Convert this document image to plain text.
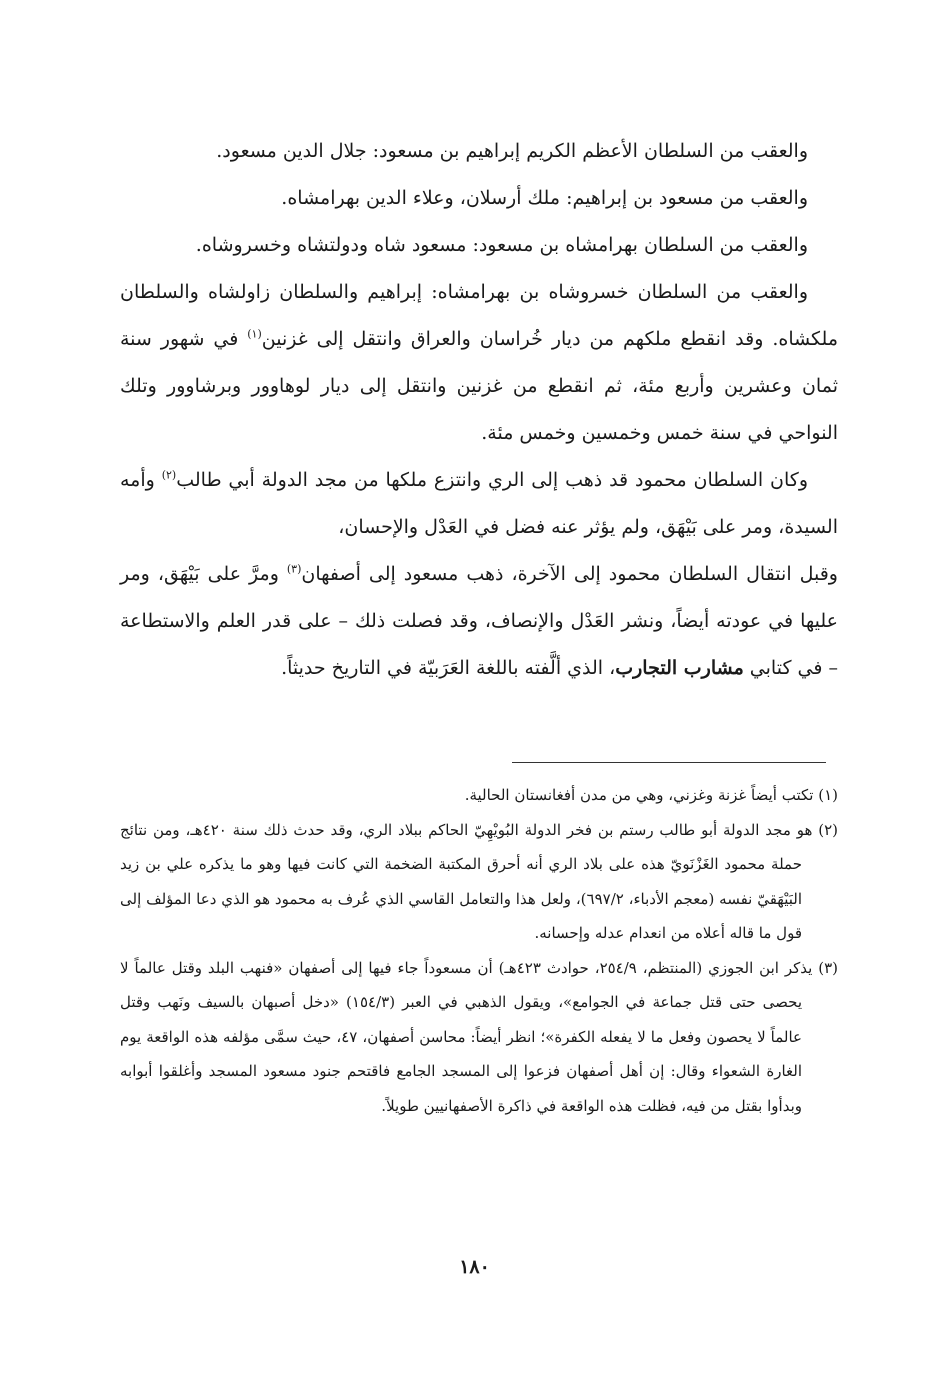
والعقب من السلطان الأعظم الكريم إبراهيم بن مسعود: جلال الدين مسعود.

والعقب من مسعود بن إبراهيم: ملك أرسلان، وعلاء الدين بهرامشاه.

والعقب من السلطان بهرامشاه بن مسعود: مسعود شاه ودولتشاه وخسروشاه.

والعقب من السلطان خسروشاه بن بهرامشاه: إبراهيم والسلطان زاولشاه والسلطان ملكشاه. وقد انقطع ملكهم من ديار خُراسان والعراق وانتقل إلى غزنين$^{(١)}$ في شهور سنة ثمان وعشرين وأربع مئة، ثم انقطع من غزنين وانتقل إلى ديار لوهاوور وبرشاوور وتلك النواحي في سنة خمس وخمسين وخمس مئة.

وكان السلطان محمود قد ذهب إلى الري وانتزع ملكها من مجد الدولة أبي طالب$^{(٢)}$ وأمه السيدة، ومر على بَيْهَق، ولم يؤثر عنه فضل في العَدْل والإحسان،

وقبل انتقال السلطان محمود إلى الآخرة، ذهب مسعود إلى أصفهان$^{(٣)}$ ومرَّ على بَيْهَق، ومر عليها في عودته أيضاً، ونشر العَدْل والإنصاف، وقد فصلت ذلك – على قدر العلم والاستطاعة – في كتابي مشارب التجارب، الذي ألَّفته باللغة العَرَبيّة في التاريخ حديثاً.

(١) تكتب أيضاً غزنة وغزني، وهي من مدن أفغانستان الحالية.

(٢) هو مجد الدولة أبو طالب رستم بن فخر الدولة البُويْهِيّ الحاكم ببلاد الري، وقد حدث ذلك سنة ٤٢٠هـ، ومن نتائج حملة محمود الغَزْنَويّ هذه على بلاد الري أنه أحرق المكتبة الضخمة التي كانت فيها وهو ما يذكره علي بن زيد البَيْهَقيّ نفسه (معجم الأدباء، ٦٩٧/٢)، ولعل هذا والتعامل القاسي الذي عُرف به محمود هو الذي دعا المؤلف إلى قول ما قاله أعلاه من انعدام عدله وإحسانه.

(٣) يذكر ابن الجوزي (المنتظم، ٢٥٤/٩، حوادث ٤٢٣هـ) أن مسعوداً جاء فيها إلى أصفهان «فنهب البلد وقتل عالماً لا يحصى حتى قتل جماعة في الجوامع»، ويقول الذهبي في العبر (١٥٤/٣) «دخل أصبهان بالسيف ونَهب وقتل عالماً لا يحصون وفعل ما لا يفعله الكفرة»؛ انظر أيضاً: محاسن أصفهان، ٤٧، حيث سمَّى مؤلفه هذه الواقعة يوم الغارة الشعواء وقال: إن أهل أصفهان فزعوا إلى المسجد الجامع فاقتحم جنود مسعود المسجد وأغلقوا أبوابه وبدأوا بقتل من فيه، فظلت هذه الواقعة في ذاكرة الأصفهانيين طويلاً.

١٨٠
